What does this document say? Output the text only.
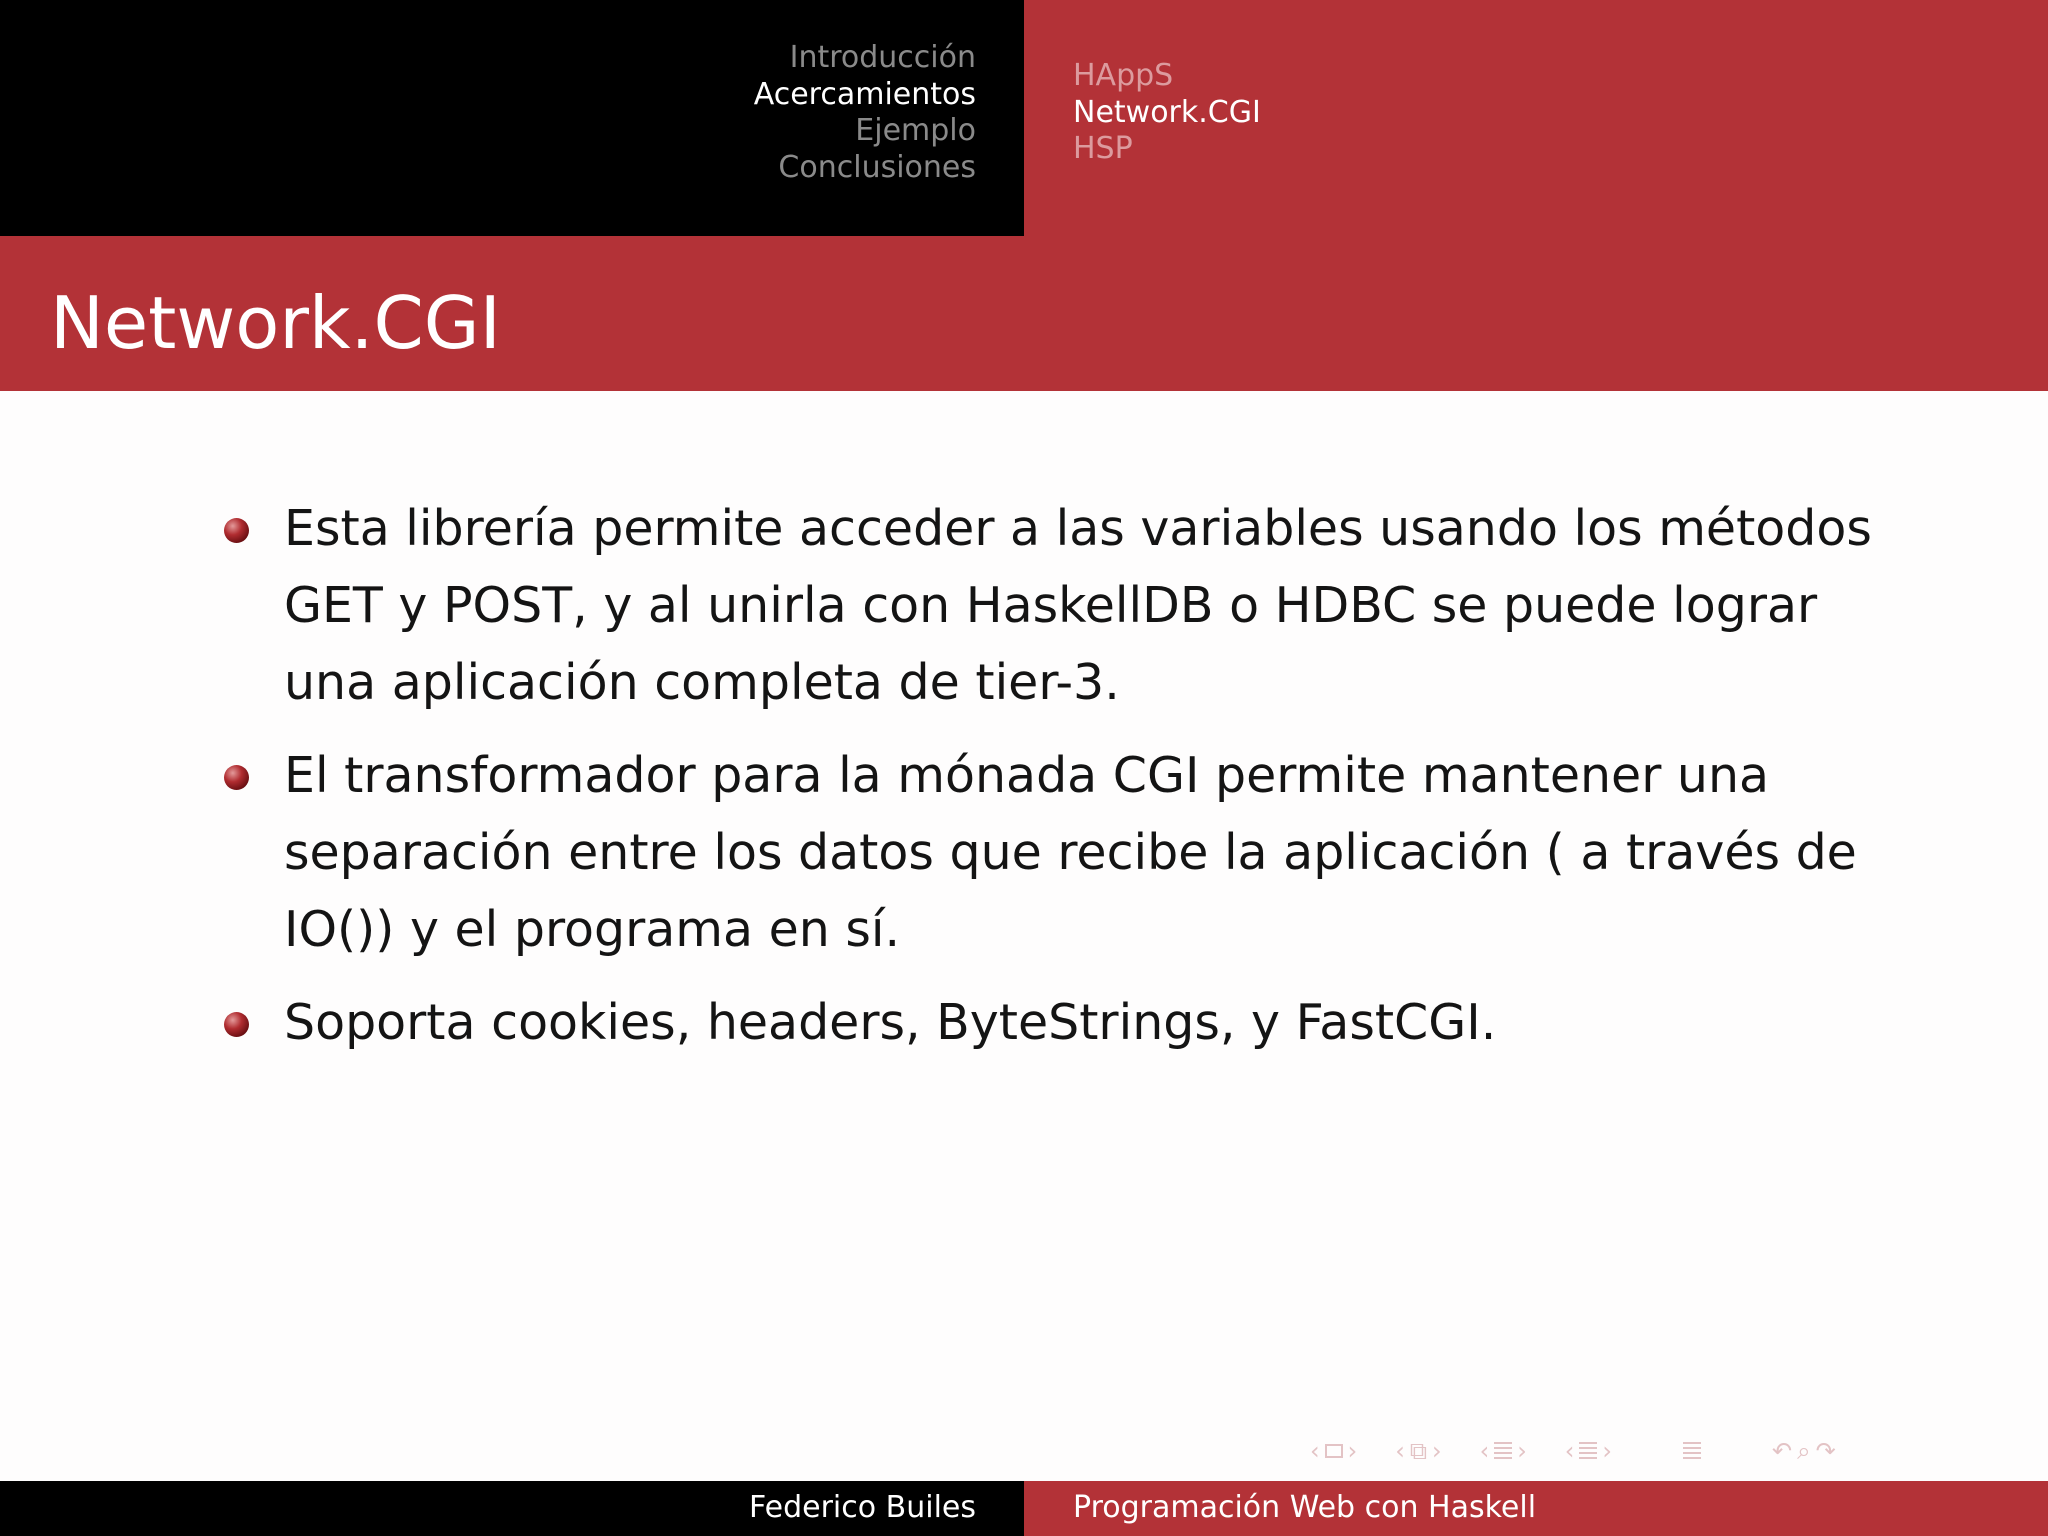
Introducción
Acercamientos
Ejemplo
Conclusiones
HAppS
Network.CGI
HSP
Network.CGI
Esta librería permite acceder a las variables usando los métodos GET y POST, y al unirla con HaskellDB o HDBC se puede lograr una aplicación completa de tier-3.
El transformador para la mónada CGI permite mantener una separación entre los datos que recibe la aplicación ( a través de IO()) y el programa en sí.
Soporta cookies, headers, ByteStrings, y FastCGI.
‹ › ‹ ⧉ › ‹ › ‹ ›	↶ ⌕ ↷
Federico Builes	Programación Web con Haskell
